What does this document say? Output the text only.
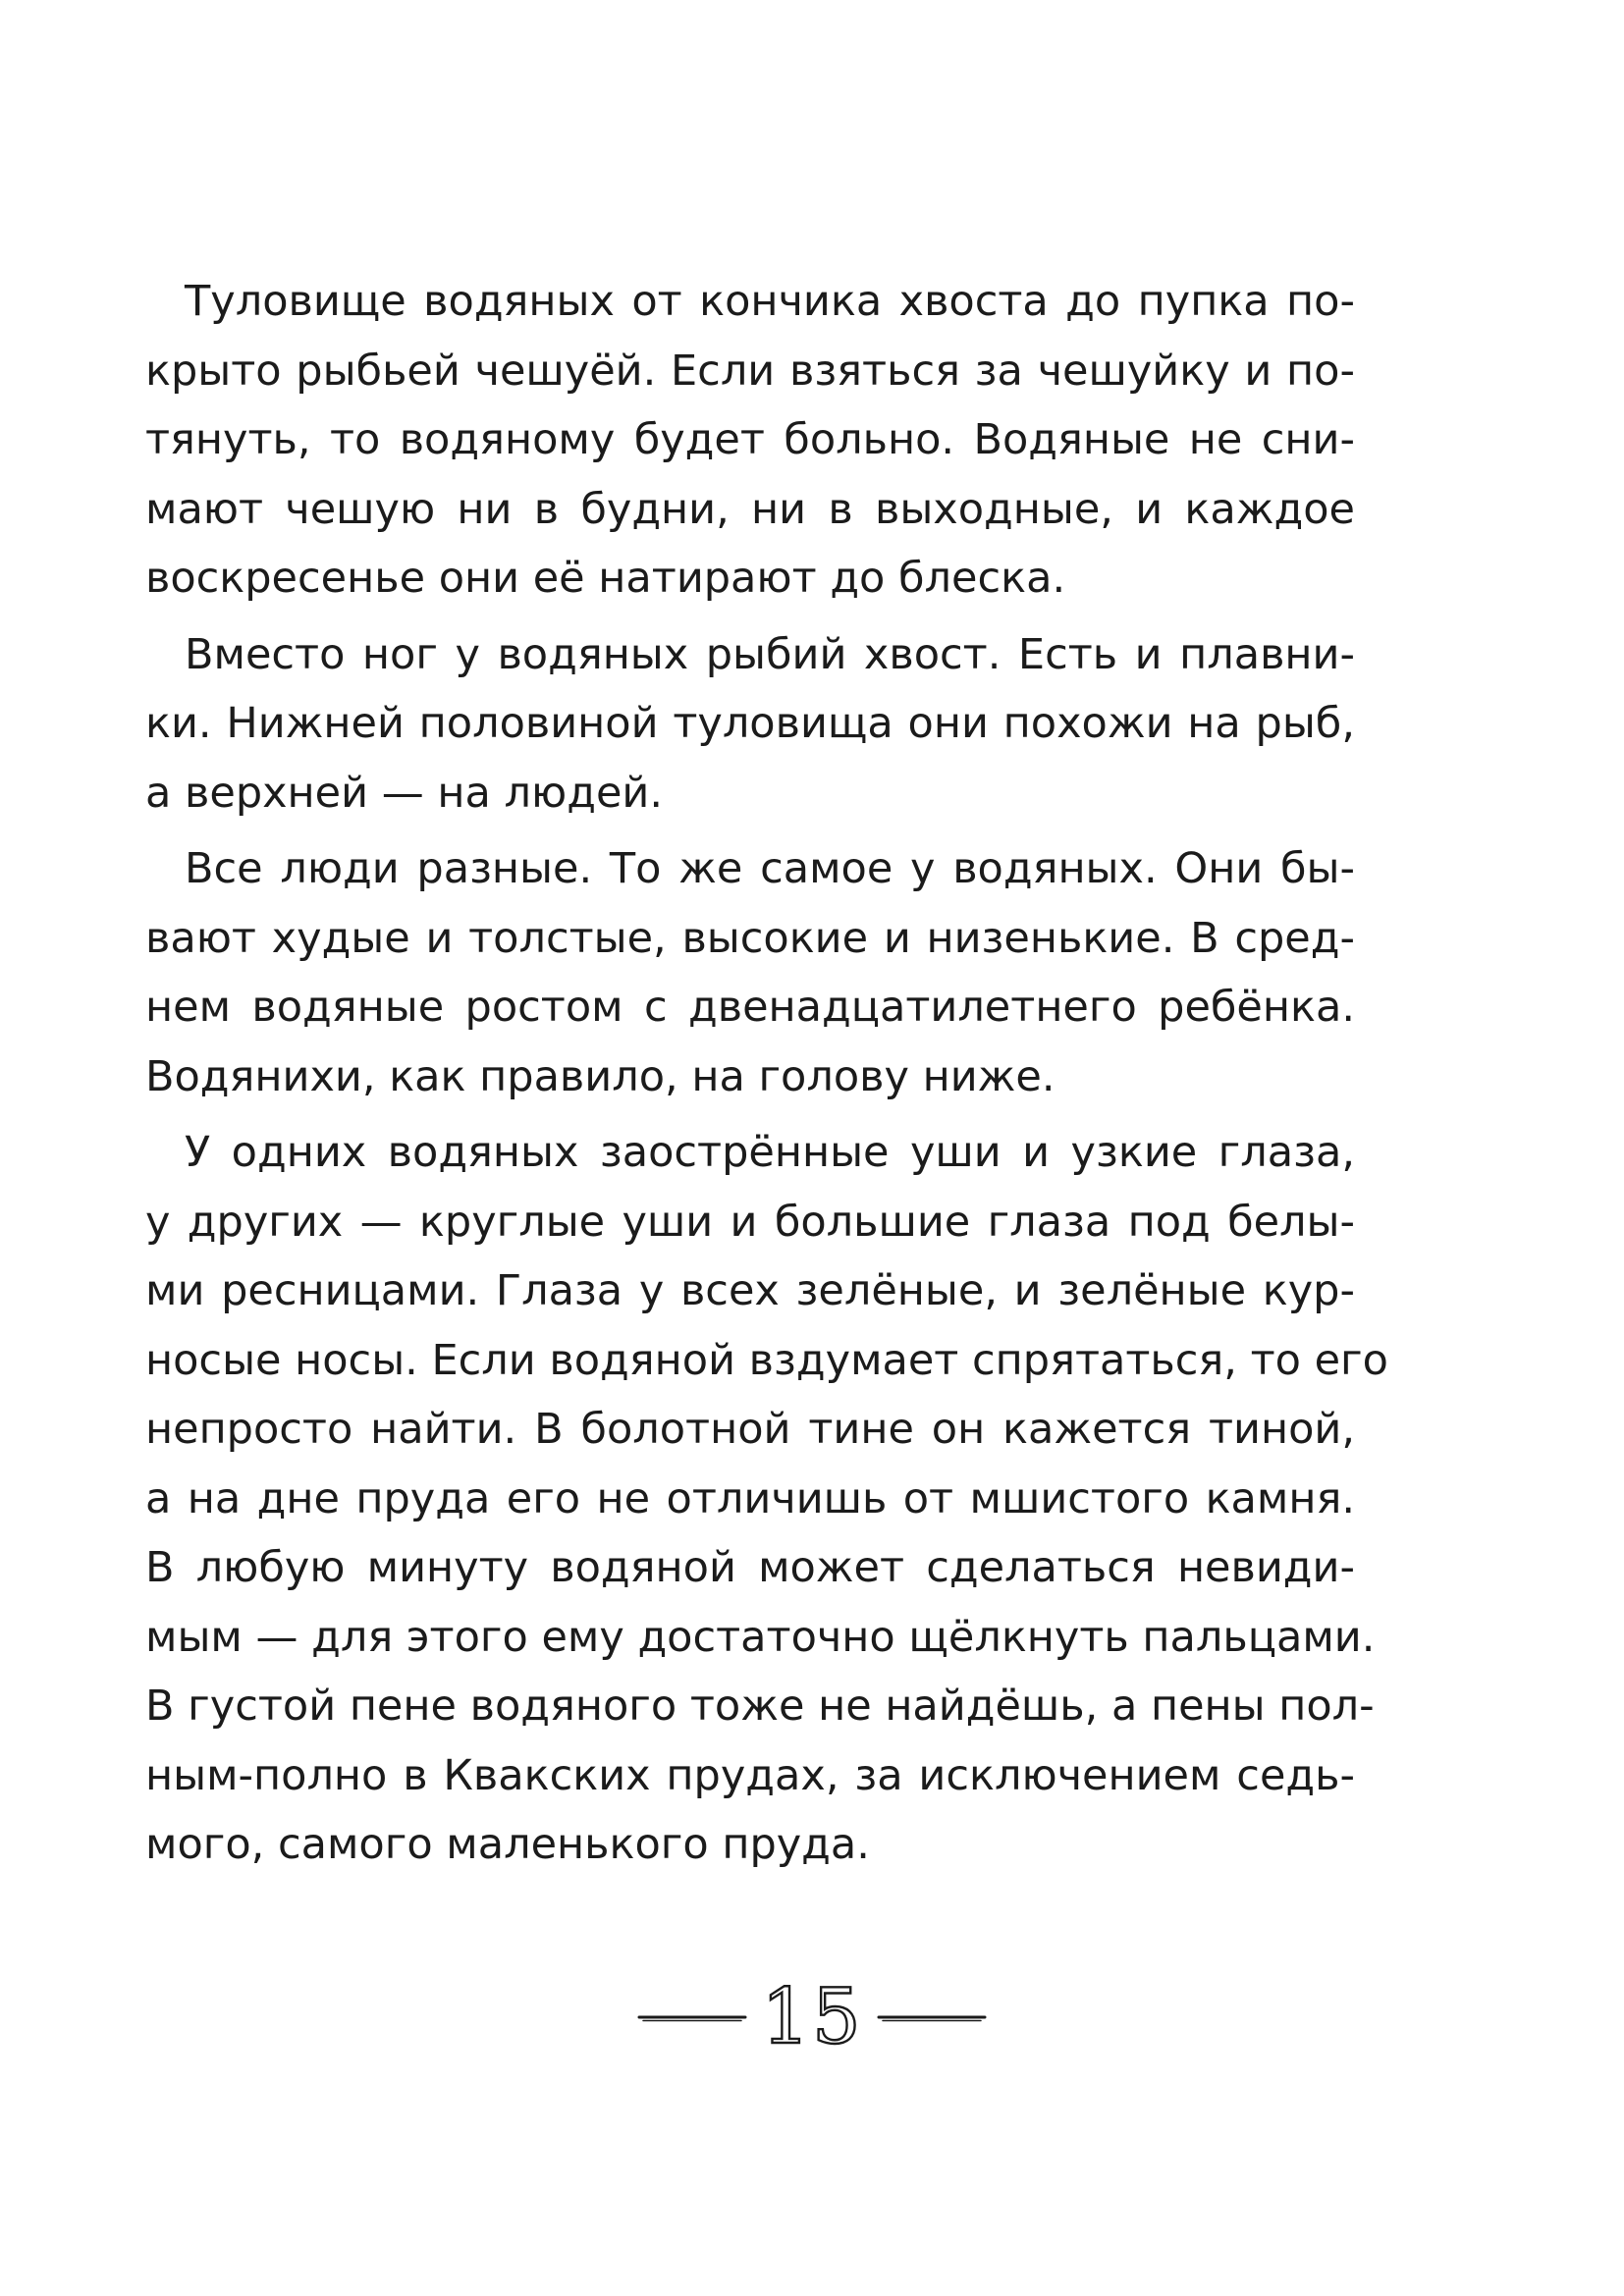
Туловище водяных от кончика хвоста до пупка по-
крыто рыбьей чешуёй. Если взяться за чешуйку и по-
тянуть, то водяному будет больно. Водяные не сни-
мают чешую ни в будни, ни в выходные, и каждое
воскресенье они её натирают до блеска.

Вместо ног у водяных рыбий хвост. Есть и плавни-
ки. Нижней половиной туловища они похожи на рыб,
а верхней — на людей.

Все люди разные. То же самое у водяных. Они бы-
вают худые и толстые, высокие и низенькие. В сред-
нем водяные ростом с двенадцатилетнего ребёнка.
Водянихи, как правило, на голову ниже.

У одних водяных заострённые уши и узкие глаза,
у других — круглые уши и большие глаза под белы-
ми ресницами. Глаза у всех зелёные, и зелёные кур-
носые носы. Если водяной вздумает спрятаться, то его
непросто найти. В болотной тине он кажется тиной,
а на дне пруда его не отличишь от мшистого камня.
В любую минуту водяной может сделаться невиди-
мым — для этого ему достаточно щёлкнуть пальцами.
В густой пене водяного тоже не найдёшь, а пены пол-
ным-полно в Квакских прудах, за исключением седь-
мого, самого маленького пруда.

15
